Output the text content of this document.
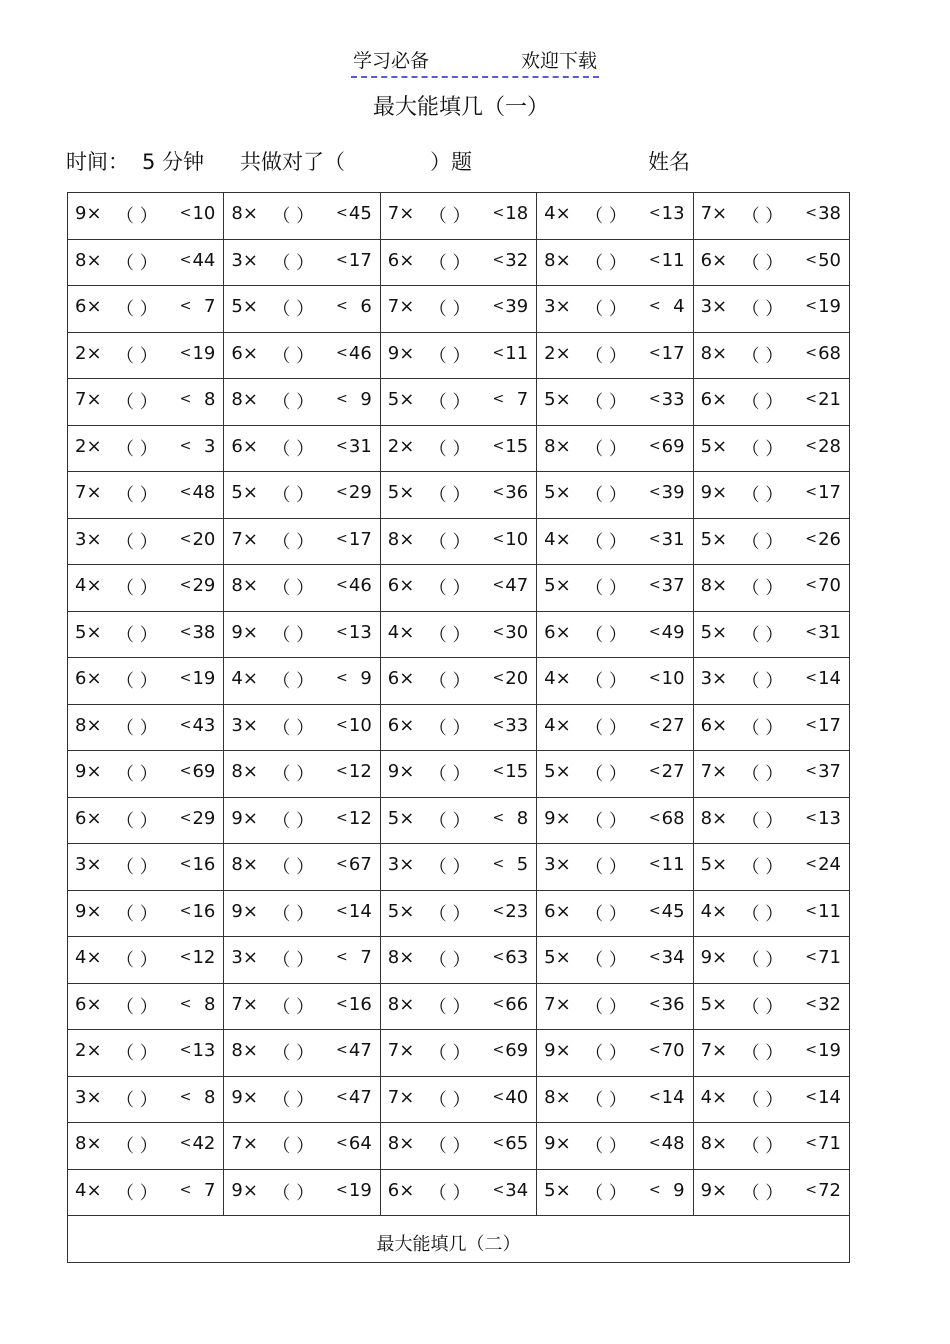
学习必备	欢迎下载
最大能填几（一）
时间： 5 分钟 共做对了（	）题	姓名
9× （ ） < 10	8× （ ） < 45	7× （ ） < 18	4× （ ） < 13	7× （ ） < 38

8× （ ） < 44	3× （ ） < 17	6× （ ） < 32	8× （ ） < 11	6× （ ） < 50

6× （ ） < 7	5× （ ） < 6	7× （ ） < 39	3× （ ） < 4	3× （ ） < 19

2× （ ） < 19	6× （ ） < 46	9× （ ） < 11	2× （ ） < 17	8× （ ） < 68

7× （ ） < 8	8× （ ） < 9	5× （ ） < 7	5× （ ） < 33	6× （ ） < 21

2× （ ） < 3	6× （ ） < 31	2× （ ） < 15	8× （ ） < 69	5× （ ） < 28

7× （ ） < 48	5× （ ） < 29	5× （ ） < 36	5× （ ） < 39	9× （ ） < 17

3× （ ） < 20	7× （ ） < 17	8× （ ） < 10	4× （ ） < 31	5× （ ） < 26

4× （ ） < 29	8× （ ） < 46	6× （ ） < 47	5× （ ） < 37	8× （ ） < 70

5× （ ） < 38	9× （ ） < 13	4× （ ） < 30	6× （ ） < 49	5× （ ） < 31

6× （ ） < 19	4× （ ） < 9	6× （ ） < 20	4× （ ） < 10	3× （ ） < 14

8× （ ） < 43	3× （ ） < 10	6× （ ） < 33	4× （ ） < 27	6× （ ） < 17

9× （ ） < 69	8× （ ） < 12	9× （ ） < 15	5× （ ） < 27	7× （ ） < 37

6× （ ） < 29	9× （ ） < 12	5× （ ） < 8	9× （ ） < 68	8× （ ） < 13

3× （ ） < 16	8× （ ） < 67	3× （ ） < 5	3× （ ） < 11	5× （ ） < 24

9× （ ） < 16	9× （ ） < 14	5× （ ） < 23	6× （ ） < 45	4× （ ） < 11

4× （ ） < 12	3× （ ） < 7	8× （ ） < 63	5× （ ） < 34	9× （ ） < 71

6× （ ） < 8	7× （ ） < 16	8× （ ） < 66	7× （ ） < 36	5× （ ） < 32

2× （ ） < 13	8× （ ） < 47	7× （ ） < 69	9× （ ） < 70	7× （ ） < 19

3× （ ） < 8	9× （ ） < 47	7× （ ） < 40	8× （ ） < 14	4× （ ） < 14

8× （ ） < 42	7× （ ） < 64	8× （ ） < 65	9× （ ） < 48	8× （ ） < 71

4× （ ） < 7	9× （ ） < 19	6× （ ） < 34	5× （ ） < 9	9× （ ） < 72

最大能填几（二）				
